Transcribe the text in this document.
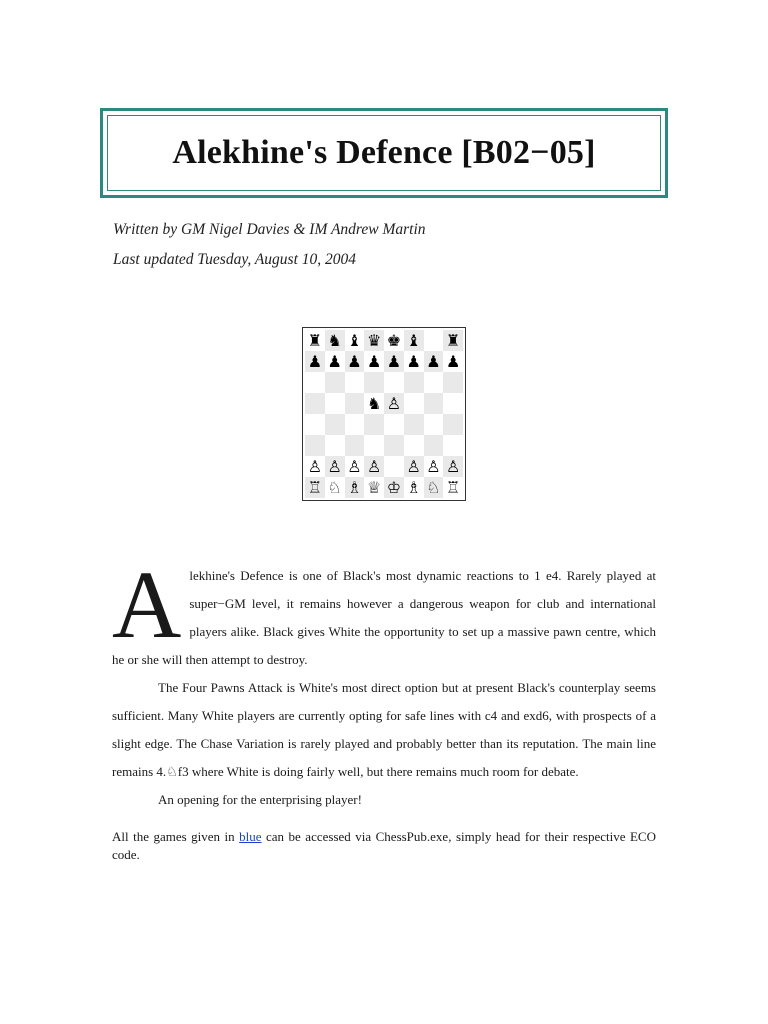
Alekhine's Defence [B02−05]
Written by GM Nigel Davies & IM Andrew Martin
Last updated Tuesday, August 10, 2004
♜ ♞ ♝ ♛ ♚ ♝ ♜
♟ ♟ ♟ ♟ ♟ ♟ ♟ ♟
♞ ♙
♙ ♙ ♙ ♙ ♙ ♙ ♙
♖ ♘ ♗ ♕ ♔ ♗ ♘ ♖

Alekhine's Defence is one of Black's most dynamic reactions to 1 e4. Rarely played at super−GM level, it remains however a dangerous weapon for club and international players alike. Black gives White the opportunity to set up a massive pawn centre, which he or she will then attempt to destroy.

The Four Pawns Attack is White's most direct option but at present Black's counterplay seems sufficient. Many White players are currently opting for safe lines with c4 and exd6, with prospects of a slight edge. The Chase Variation is rarely played and probably better than its reputation. The main line remains 4.♘f3 where White is doing fairly well, but there remains much room for debate.

An opening for the enterprising player!

All the games given in blue can be accessed via ChessPub.exe, simply head for their respective ECO code.
